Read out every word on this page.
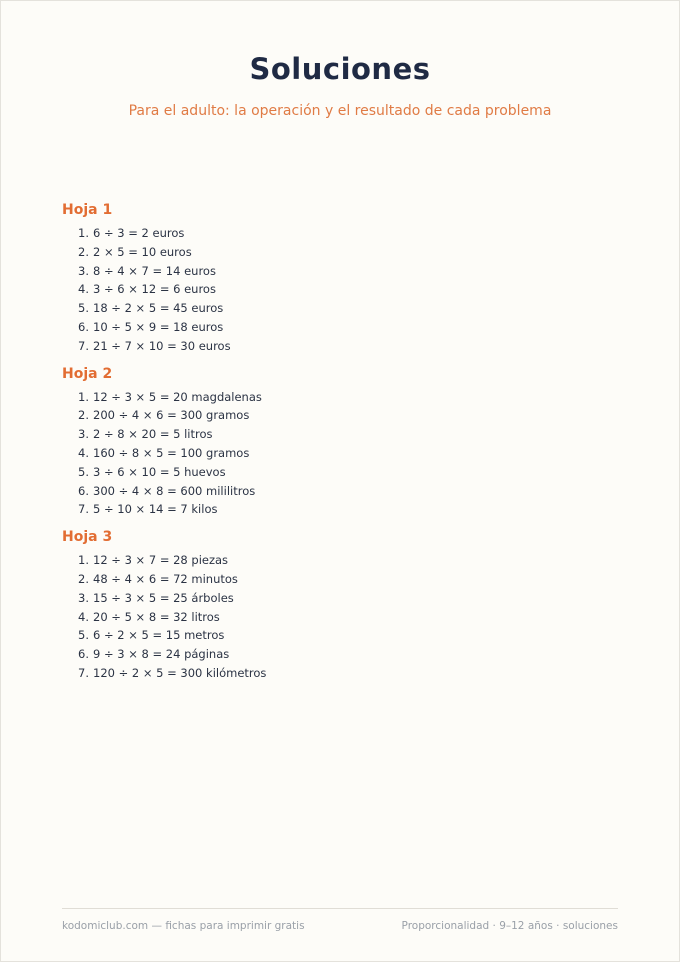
Soluciones

Para el adulto: la operación y el resultado de cada problema

Hoja 1
1. 6 ÷ 3 = 2 euros
2. 2 × 5 = 10 euros
3. 8 ÷ 4 × 7 = 14 euros
4. 3 ÷ 6 × 12 = 6 euros
5. 18 ÷ 2 × 5 = 45 euros
6. 10 ÷ 5 × 9 = 18 euros
7. 21 ÷ 7 × 10 = 30 euros
Hoja 2
1. 12 ÷ 3 × 5 = 20 magdalenas
2. 200 ÷ 4 × 6 = 300 gramos
3. 2 ÷ 8 × 20 = 5 litros
4. 160 ÷ 8 × 5 = 100 gramos
5. 3 ÷ 6 × 10 = 5 huevos
6. 300 ÷ 4 × 8 = 600 mililitros
7. 5 ÷ 10 × 14 = 7 kilos
Hoja 3
1. 12 ÷ 3 × 7 = 28 piezas
2. 48 ÷ 4 × 6 = 72 minutos
3. 15 ÷ 3 × 5 = 25 árboles
4. 20 ÷ 5 × 8 = 32 litros
5. 6 ÷ 2 × 5 = 15 metros
6. 9 ÷ 3 × 8 = 24 páginas
7. 120 ÷ 2 × 5 = 300 kilómetros
kodomiclub.com — fichas para imprimir gratis	Proporcionalidad · 9–12 años · soluciones
